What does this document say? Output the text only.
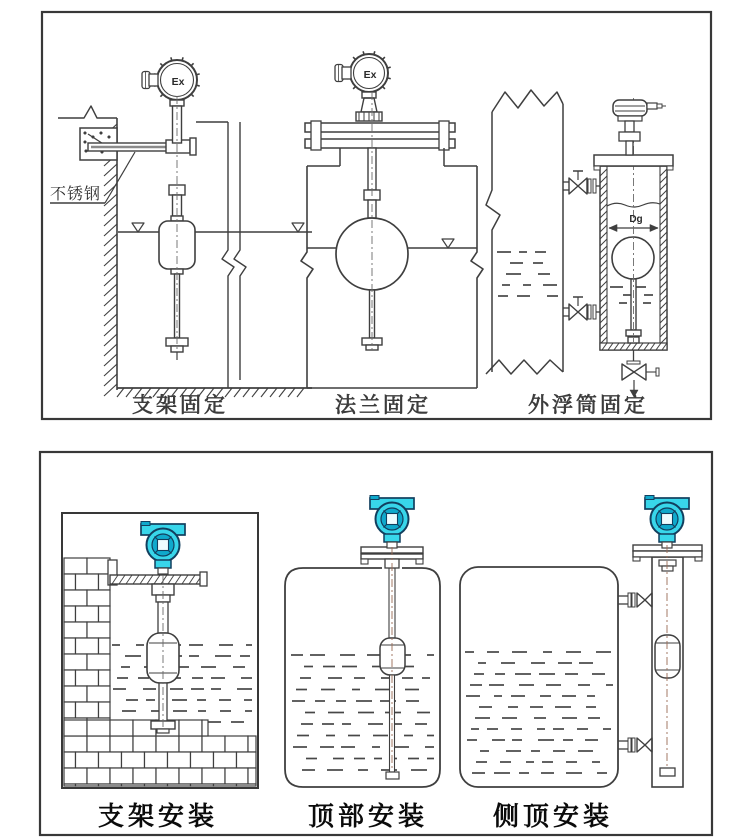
不锈钢
Ex
Ex
Dg
支架固定	法兰固定	外浮筒固定
支架安装	顶部安装	侧顶安装
